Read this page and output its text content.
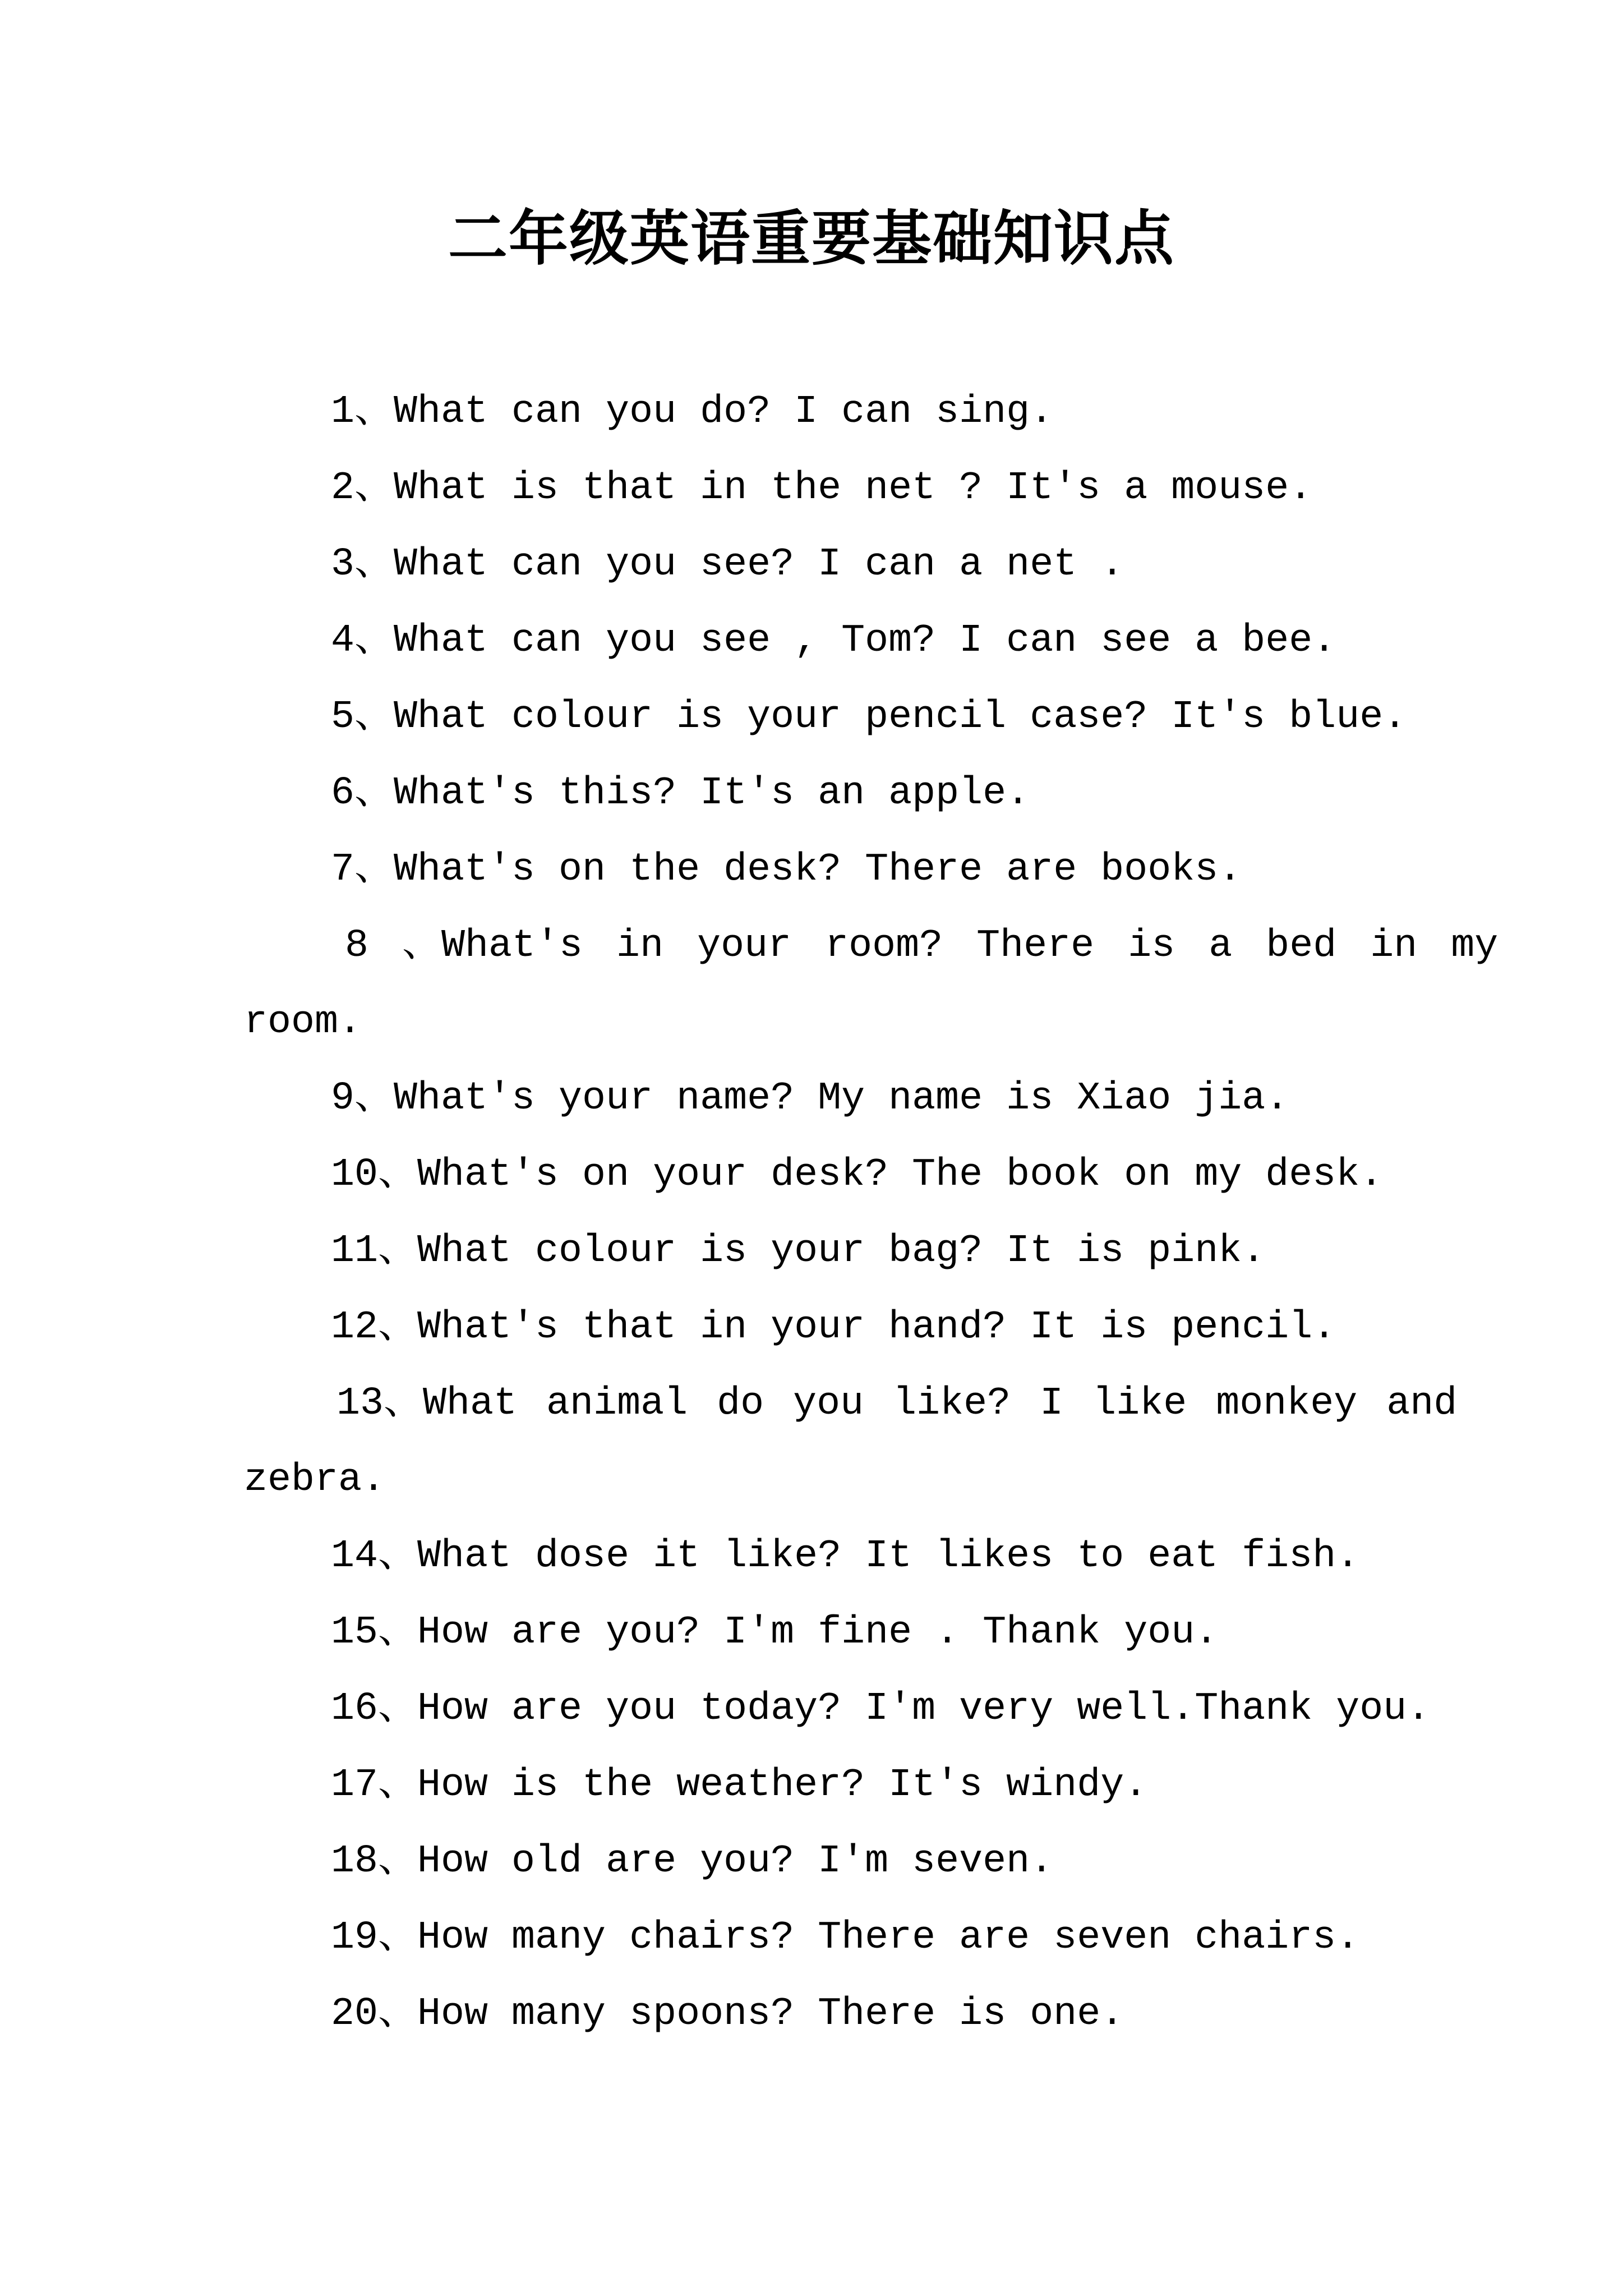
二年级英语重要基础知识点
1、What can you do? I can sing.
2、What is that in the net ? It's a mouse.
3、What can you see? I can a net .
4、What can you see , Tom? I can see a bee.
5、What colour is your pencil case? It's blue.
6、What's this? It's an apple.
7、What's on the desk? There are books.
8 、What's in your room? There is a bed in my
room.
9、What's your name? My name is Xiao jia.
10、What's on your desk? The book on my desk.
11、What colour is your bag? It is pink.
12、What's that in your hand? It is pencil.
13、What animal do you like? I like monkey and
zebra.
14、What dose it like? It likes to eat fish.
15、How are you? I'm fine . Thank you.
16、How are you today? I'm very well.Thank you.
17、How is the weather? It's windy.
18、How old are you? I'm seven.
19、How many chairs? There are seven chairs.
20、How many spoons? There is one.
